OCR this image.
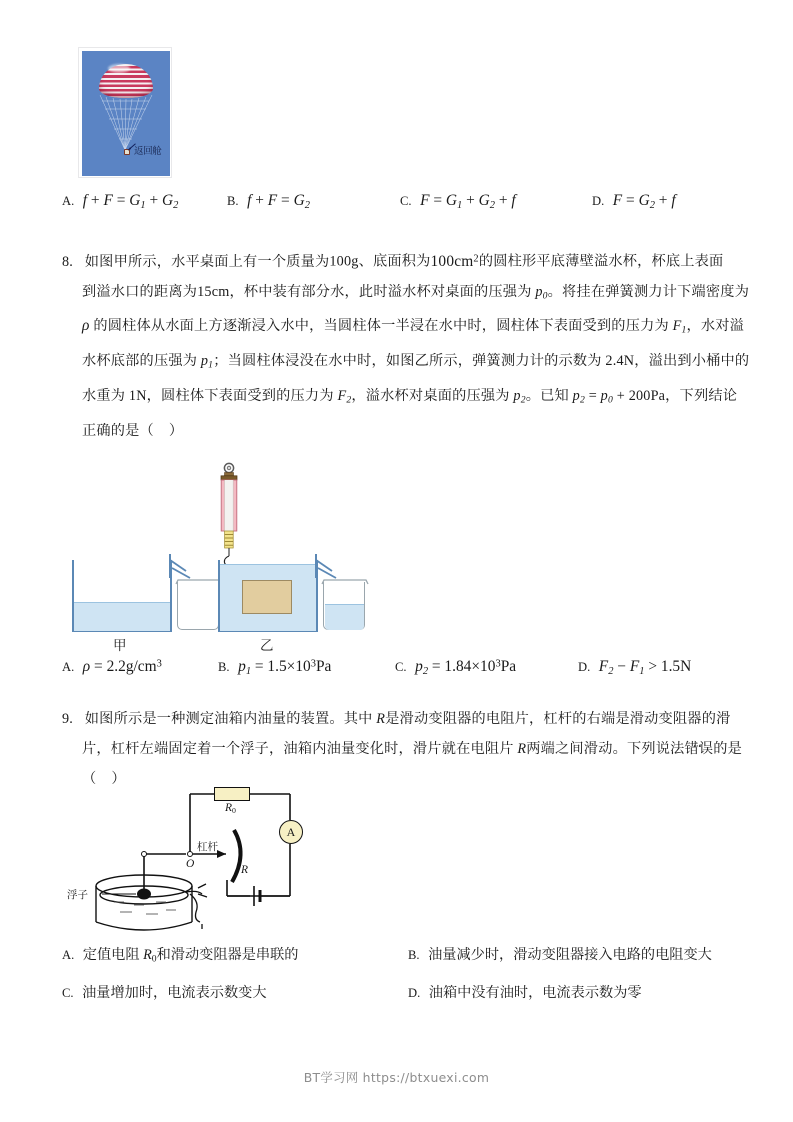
返回舱
A. $f + F = G_1 + G_2$	B. $f + F = G_2$	C. $F = G_1 + G_2 + f$	D. $F = G_2 + f$
8. 如图甲所示，水平桌面上有一个质量为100g、底面积为$100cm^2$的圆柱形平底薄壁溢水杯，杯底上表面
到溢水口的距离为15cm，杯中装有部分水，此时溢水杯对桌面的压强为 $p_0$。将挂在弹簧测力计下端密度为
ρ 的圆柱体从水面上方逐渐浸入水中，当圆柱体一半浸在水中时，圆柱体下表面受到的压力为 $F_1$，水对溢
水杯底部的压强为 $p_1$；当圆柱体浸没在水中时，如图乙所示，弹簧测力计的示数为 2.4N，溢出到小桶中的
水重为 1N，圆柱体下表面受到的压力为 $F_2$，溢水杯对桌面的压强为 $p_2$。已知 $p_2 = p_0 + 200Pa$，下列结论
正确的是（    ）
甲	乙
A. $\rho = 2.2g/cm^3$	B. $p_1 = 1.5\times 10^3Pa$	C. $p_2 = 1.84\times 10^3Pa$	D. $F_2 - F_1 > 1.5N$
9. 如图所示是一种测定油箱内油量的装置。其中 R是滑动变阻器的电阻片，杠杆的右端是滑动变阻器的滑
片，杠杆左端固定着一个浮子，油箱内油量变化时，滑片就在电阻片 R两端之间滑动。下列说法错误 ‥的是
（    ）
$R_0$
A
O
杠杆
R
浮子
A. 定值电阻 $R_0$和滑动变阻器是串联的	B. 油量减少时，滑动变阻器接入电路的电阻变大
C. 油量增加时，电流表示数变大	D. 油箱中没有油时，电流表示数为零
BT学习网 https://btxuexi.com
